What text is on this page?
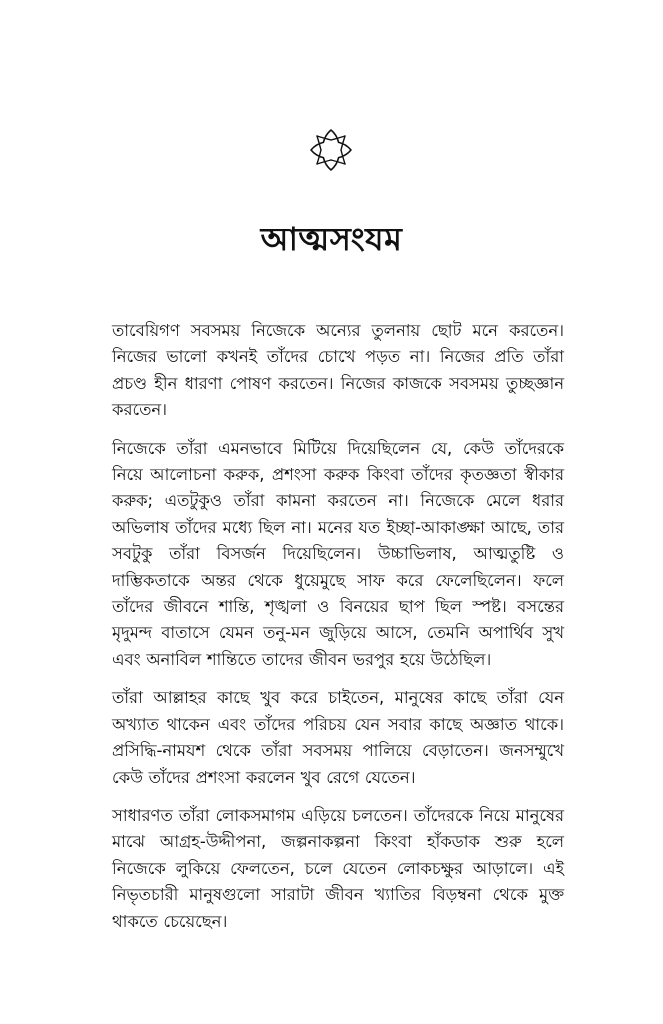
আত্মসংযম

তাবেয়িগণ সবসময় নিজেকে অন্যের তুলনায় ছোট মনে করতেন। নিজের ভালো কখনই তাঁদের চোখে পড়ত না। নিজের প্রতি তাঁরা প্রচণ্ড হীন ধারণা পোষণ করতেন। নিজের কাজকে সবসময় তুচ্ছজ্ঞান করতেন।

নিজেকে তাঁরা এমনভাবে মিটিয়ে দিয়েছিলেন যে, কেউ তাঁদেরকে নিয়ে আলোচনা করুক, প্রশংসা করুক কিংবা তাঁদের কৃতজ্ঞতা স্বীকার করুক; এতটুকুও তাঁরা কামনা করতেন না। নিজেকে মেলে ধরার অভিলাষ তাঁদের মধ্যে ছিল না। মনের যত ইচ্ছা-আকাঙ্ক্ষা আছে, তার সবটুকু তাঁরা বিসর্জন দিয়েছিলেন। উচ্চাভিলাষ, আত্মতুষ্টি ও দাম্ভিকতাকে অন্তর থেকে ধুয়েমুছে সাফ করে ফেলেছিলেন। ফলে তাঁদের জীবনে শান্তি, শৃঙ্খলা ও বিনয়ের ছাপ ছিল স্পষ্ট। বসন্তের মৃদুমন্দ বাতাসে যেমন তনু-মন জুড়িয়ে আসে, তেমনি অপার্থিব সুখ এবং অনাবিল শান্তিতে তাদের জীবন ভরপুর হয়ে উঠেছিল।

তাঁরা আল্লাহর কাছে খুব করে চাইতেন, মানুষের কাছে তাঁরা যেন অখ্যাত থাকেন এবং তাঁদের পরিচয় যেন সবার কাছে অজ্ঞাত থাকে। প্রসিদ্ধি-নামযশ থেকে তাঁরা সবসময় পালিয়ে বেড়াতেন। জনসম্মুখে কেউ তাঁদের প্রশংসা করলেন খুব রেগে যেতেন।

সাধারণত তাঁরা লোকসমাগম এড়িয়ে চলতেন। তাঁদেরকে নিয়ে মানুষের মাঝে আগ্রহ-উদ্দীপনা, জল্পনাকল্পনা কিংবা হাঁকডাক শুরু হলে নিজেকে লুকিয়ে ফেলতেন, চলে যেতেন লোকচক্ষুর আড়ালে। এই নিভৃতচারী মানুষগুলো সারাটা জীবন খ্যাতির বিড়ম্বনা থেকে মুক্ত থাকতে চেয়েছেন।
